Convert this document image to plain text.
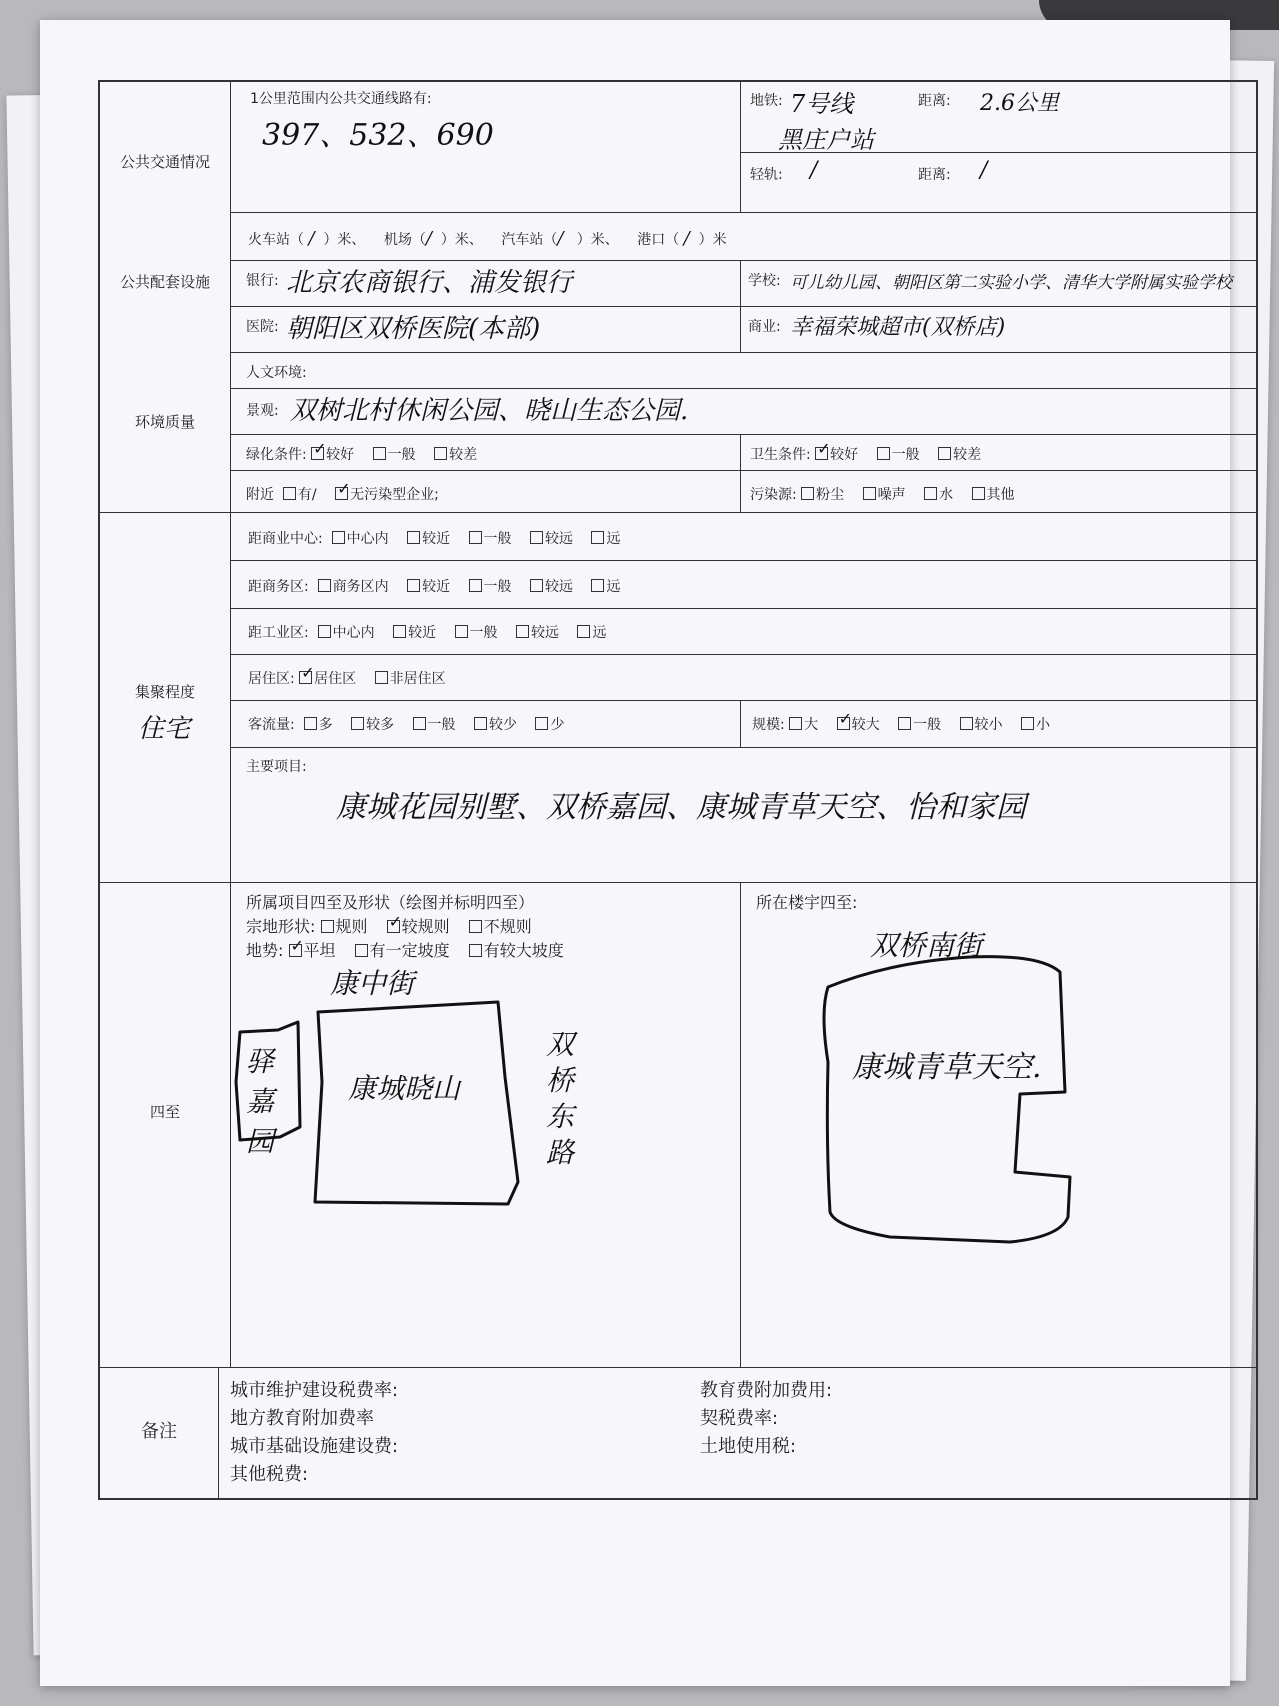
公共交通情况
1公里范围内公共交通线路有:
397、532、690
地铁: 7号线	距离: 2.6公里
黑庄户站
轻轨: /	距离: /
火车站（ / ）米、 机场（/ ）米、 汽车站（/ ）米、 港口（ / ）米
公共配套设施	银行: 北京农商银行、浦发银行	学校: 可儿幼儿园、朝阳区第二实验小学、清华大学附属实验学校
医院: 朝阳区双桥医院(本部)	商业: 幸福荣城超市(双桥店)
环境质量
人文环境:
景观: 双树北村休闲公园、晓山生态公园.
绿化条件: ✓ 较好 一般 较差	卫生条件: ✓ 较好 一般 较差
附近 有/ ✓ 无污染型企业;	污染源: 粉尘 噪声 水 其他
集聚程度
住宅
距商业中心: 中心内 较近 一般 较远 远
距商务区: 商务区内 较近 一般 较远 远
距工业区: 中心内 较近 一般 较远 远
居住区: ✓ 居住区 非居住区
客流量: 多 较多 一般 较少 少	规模: 大 ✓ 较大 一般 较小 小
主要项目:
康城花园别墅、双桥嘉园、康城青草天空、怡和家园
四至
所属项目四至及形状（绘图并标明四至）
宗地形状: 规则 ✓ 较规则 不规则
地势: ✓ 平坦 有一定坡度 有较大坡度
康中街
康城晓山
驿嘉园
双桥东路
所在楼宇四至:
双桥南街
康城青草天空.
备注
城市维护建设税费率:
地方教育附加费率
城市基础设施建设费:
其他税费:
教育费附加费用:
契税费率:
土地使用税:
